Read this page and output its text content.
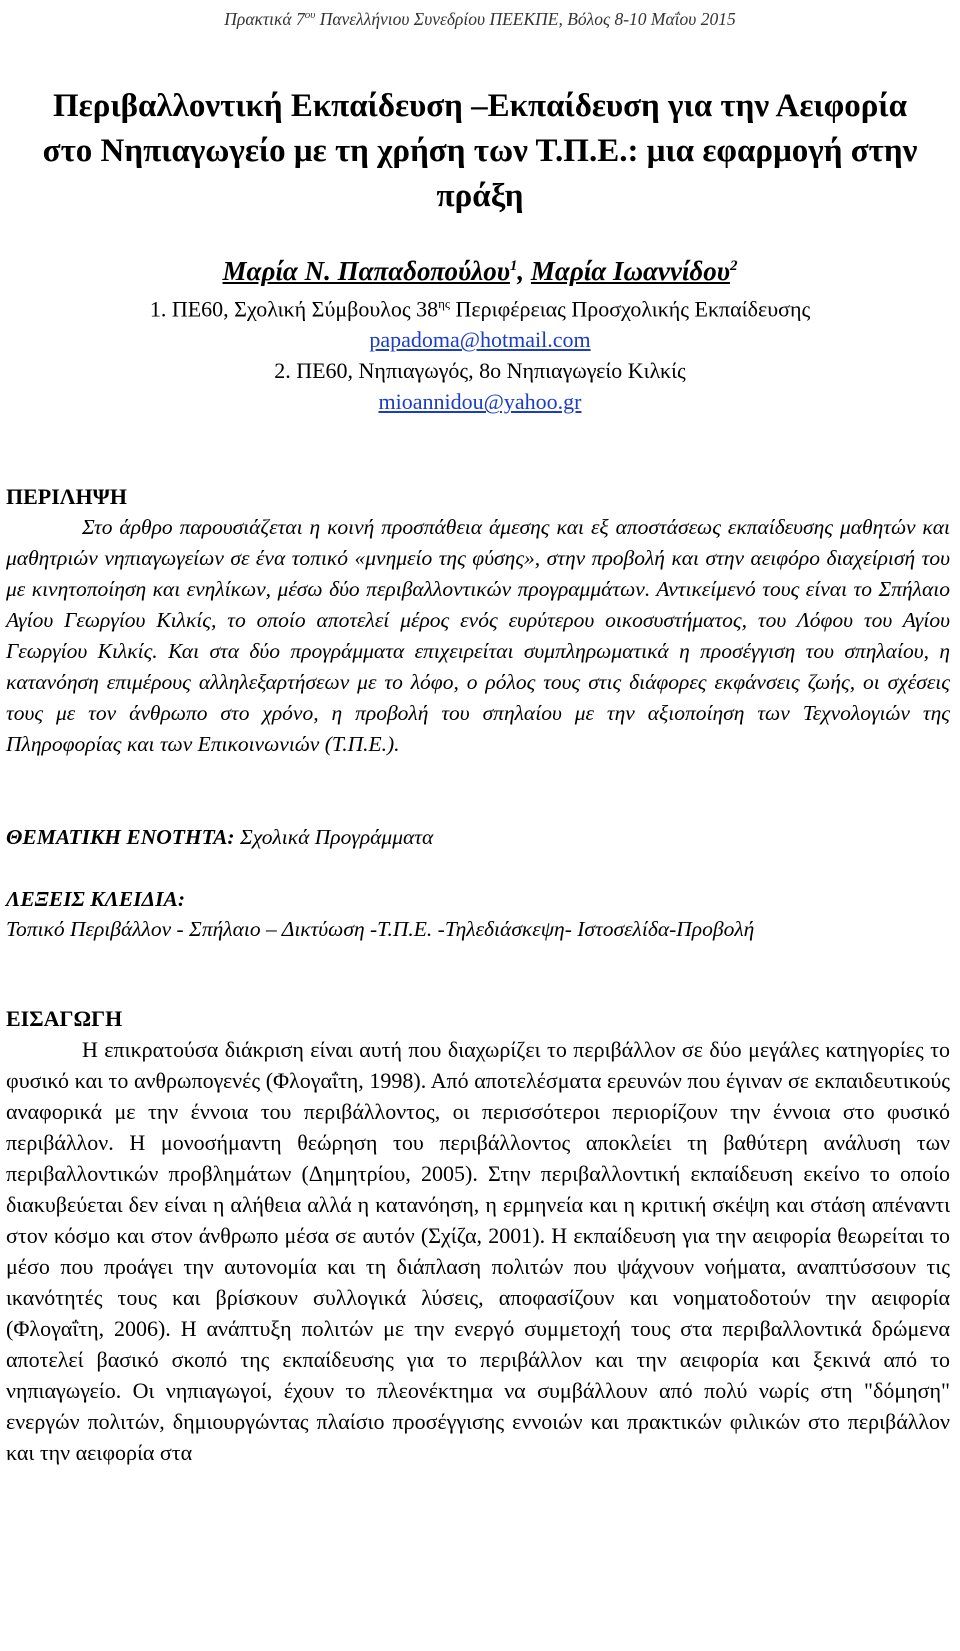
Πρακτικά $7^{o\upsilon}$ Πανελλήνιου Συνεδρίου ΠΕΕΚΠΕ, Βόλος 8-10 Μαΐου 2015
Περιβαλλοντική Εκπαίδευση –Εκπαίδευση για την Αειφορία στο Νηπιαγωγείο με τη χρήση των Τ.Π.Ε.: μια εφαρμογή στην πράξη
Μαρία Ν. Παπαδοπούλου$^1$, Μαρία Ιωαννίδου$^2$
1. ΠΕ60, Σχολική Σύμβουλος $38^{\eta\varsigma}$ Περιφέρειας Προσχολικής Εκπαίδευσης
papadoma@hotmail.com
2. ΠΕ60, Νηπιαγωγός, 8ο Νηπιαγωγείο Κιλκίς
mioannidou@yahoo.gr
ΠΕΡΙΛΗΨΗ

Στο άρθρο παρουσιάζεται η κοινή προσπάθεια άμεσης και εξ αποστάσεως εκπαίδευσης μαθητών και μαθητριών νηπιαγωγείων σε ένα τοπικό «μνημείο της φύσης», στην προβολή και στην αειφόρο διαχείρισή του με κινητοποίηση και ενηλίκων, μέσω δύο περιβαλλοντικών προγραμμάτων. Αντικείμενό τους είναι το Σπήλαιο Αγίου Γεωργίου Κιλκίς, το οποίο αποτελεί μέρος ενός ευρύτερου οικοσυστήματος, του Λόφου του Αγίου Γεωργίου Κιλκίς. Και στα δύο προγράμματα επιχειρείται συμπληρωματικά η προσέγγιση του σπηλαίου, η κατανόηση επιμέρους αλληλεξαρτήσεων με το λόφο, ο ρόλος τους στις διάφορες εκφάνσεις ζωής, οι σχέσεις τους με τον άνθρωπο στο χρόνο, η προβολή του σπηλαίου με την αξιοποίηση των Τεχνολογιών της Πληροφορίας και των Επικοινωνιών (Τ.Π.Ε.).

ΘΕΜΑΤΙΚΗ ΕΝΟΤΗΤΑ: Σχολικά Προγράμματα
ΛΕΞΕΙΣ ΚΛΕΙΔΙΑ:

Τοπικό Περιβάλλον - Σπήλαιο – Δικτύωση -Τ.Π.Ε. -Τηλεδιάσκεψη- Ιστοσελίδα-Προβολή

ΕΙΣΑΓΩΓΗ

Η επικρατούσα διάκριση είναι αυτή που διαχωρίζει το περιβάλλον σε δύο μεγάλες κατηγορίες το φυσικό και το ανθρωπογενές (Φλογαΐτη, 1998). Από αποτελέσματα ερευνών που έγιναν σε εκπαιδευτικούς αναφορικά με την έννοια του περιβάλλοντος, οι περισσότεροι περιορίζουν την έννοια στο φυσικό περιβάλλον. Η μονοσήμαντη θεώρηση του περιβάλλοντος αποκλείει τη βαθύτερη ανάλυση των περιβαλλοντικών προβλημάτων (Δημητρίου, 2005). Στην περιβαλλοντική εκπαίδευση εκείνο το οποίο διακυβεύεται δεν είναι η αλήθεια αλλά η κατανόηση, η ερμηνεία και η κριτική σκέψη και στάση απέναντι στον κόσμο και στον άνθρωπο μέσα σε αυτόν (Σχίζα, 2001). Η εκπαίδευση για την αειφορία θεωρείται το μέσο που προάγει την αυτονομία και τη διάπλαση πολιτών που ψάχνουν νοήματα, αναπτύσσουν τις ικανότητές τους και βρίσκουν συλλογικά λύσεις, αποφασίζουν και νοηματοδοτούν την αειφορία (Φλογαΐτη, 2006). Η ανάπτυξη πολιτών με την ενεργό συμμετοχή τους στα περιβαλλοντικά δρώμενα αποτελεί βασικό σκοπό της εκπαίδευσης για το περιβάλλον και την αειφορία και ξεκινά από το νηπιαγωγείο. Οι νηπιαγωγοί, έχουν το πλεονέκτημα να συμβάλλουν από πολύ νωρίς στη "δόμηση" ενεργών πολιτών, δημιουργώντας πλαίσιο προσέγγισης εννοιών και πρακτικών φιλικών στο περιβάλλον και την αειφορία στα
